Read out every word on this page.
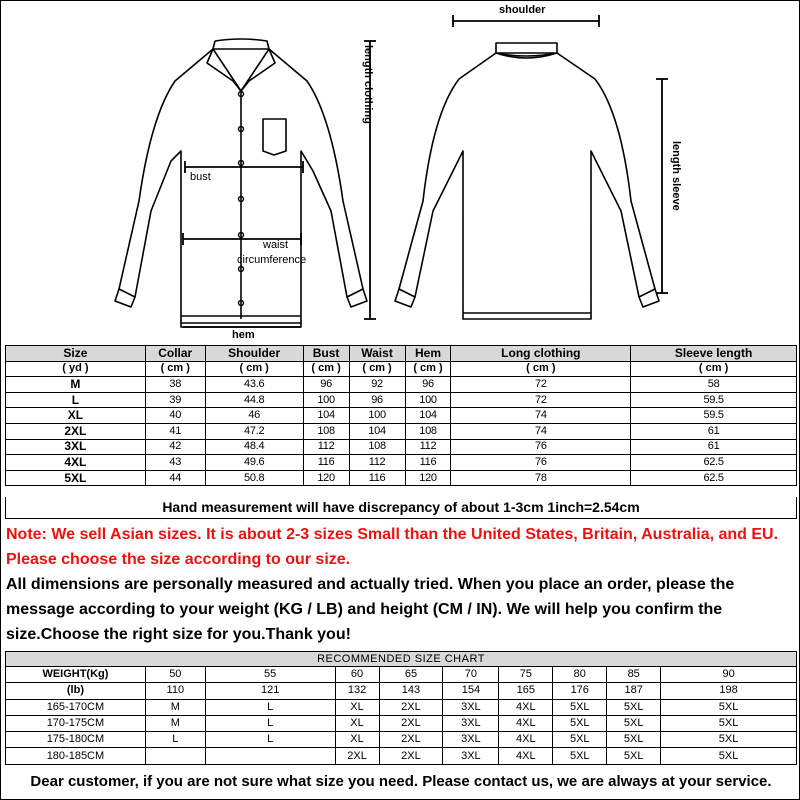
length clothing
shoulder
length sleeve
bust
waist
circumference
hem
Size	Collar	Shoulder	Bust	Waist	Hem	Long clothing	Sleeve length
( yd )	( cm )	( cm )	( cm )	( cm )	( cm )	( cm )	( cm )
M	38	43.6	96	92	96	72	58
L	39	44.8	100	96	100	72	59.5
XL	40	46	104	100	104	74	59.5
2XL	41	47.2	108	104	108	74	61
3XL	42	48.4	112	108	112	76	61
4XL	43	49.6	116	112	116	76	62.5
5XL	44	50.8	120	116	120	78	62.5
Hand measurement will have discrepancy of about 1-3cm 1inch=2.54cm
Note: We sell Asian sizes. It is about 2-3 sizes Small than the United States, Britain, Australia, and EU. Please choose the size according to our size.
All dimensions are personally measured and actually tried. When you place an order, please the message according to your weight (KG / LB) and height (CM / IN). We will help you confirm the size.Choose the right size for you.Thank you!
RECOMMENDED SIZE CHART									
WEIGHT(Kg)	50	55	60	65	70	75	80	85	90
(lb)	110	121	132	143	154	165	176	187	198
165-170CM	M	L	XL	2XL	3XL	4XL	5XL	5XL	5XL
170-175CM	M	L	XL	2XL	3XL	4XL	5XL	5XL	5XL
175-180CM	L	L	XL	2XL	3XL	4XL	5XL	5XL	5XL
180-185CM			2XL	2XL	3XL	4XL	5XL	5XL	5XL
Dear customer, if you are not sure what size you need. Please contact us, we are always at your service.
